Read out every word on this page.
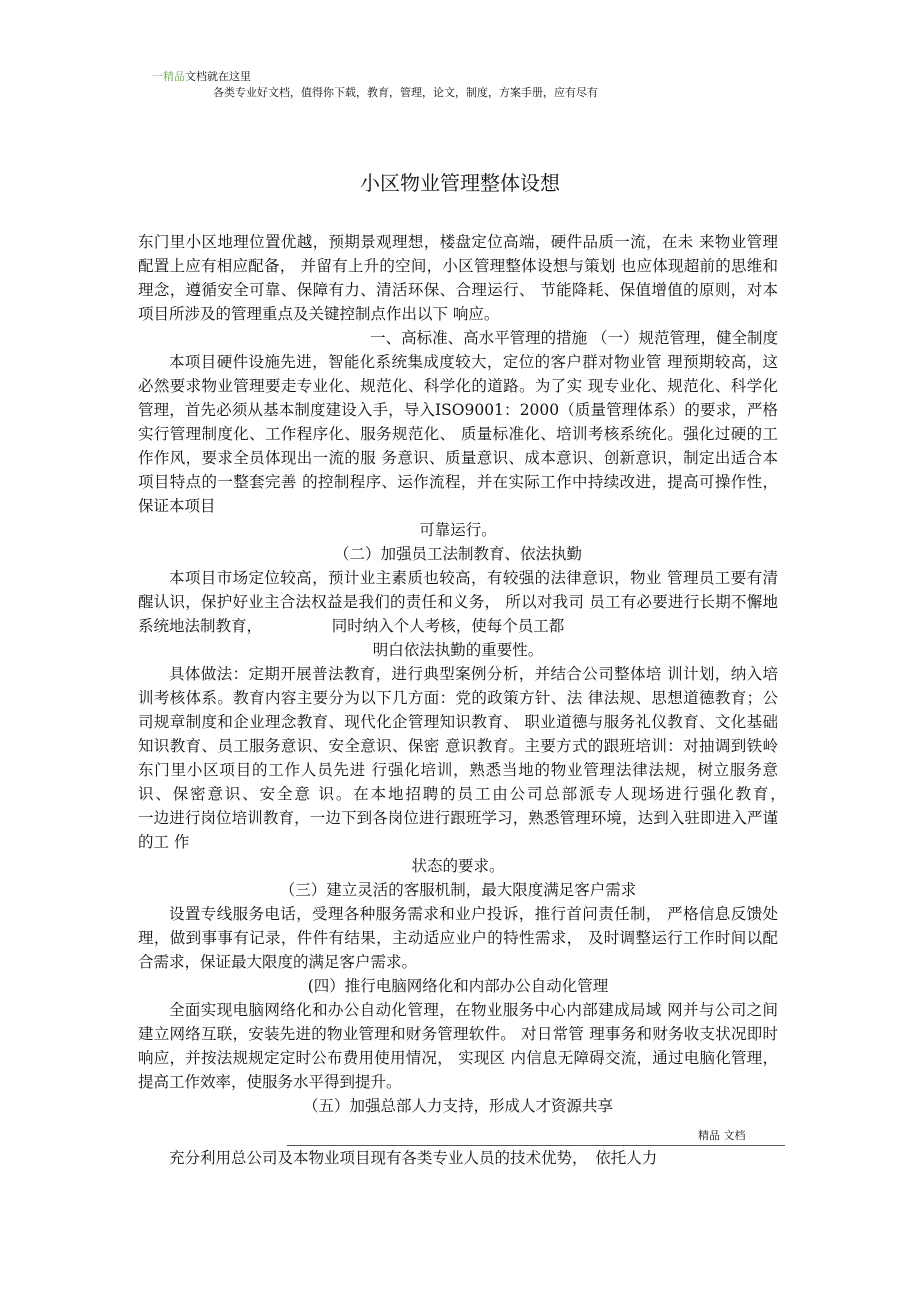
一精品文档就在这里
各类专业好文档，值得你下载，教育，管理，论文，制度，方案手册，应有尽有
小区物业管理整体设想

东门里小区地理位置优越，预期景观理想，楼盘定位高端，硬件品质一流，在未 来物业管理配置上应有相应配备， 并留有上升的空间，小区管理整体设想与策划 也应体现超前的思维和理念，遵循安全可靠、保障有力、清活环保、合理运行、 节能降耗、保值增值的原则，对本项目所涉及的管理重点及关键控制点作出以下 响应。

一、高标准、高水平管理的措施 （一）规范管理，健全制度

本项目硬件设施先进，智能化系统集成度较大，定位的客户群对物业管 理预期较高，这必然要求物业管理要走专业化、规范化、科学化的道路。为了实 现专业化、规范化、科学化管理，首先必须从基本制度建设入手，导入ISO9001：2000（质量管理体系）的要求，严格实行管理制度化、工作程序化、服务规范化、 质量标准化、培训考核系统化。强化过硬的工作作风，要求全员体现出一流的服 务意识、质量意识、成本意识、创新意识，制定出适合本项目特点的一整套完善 的控制程序、运作流程，并在实际工作中持续改进，提高可操作性，保证本项目

可靠运行。

（二）加强员工法制教育、依法执勤

本项目市场定位较高，预计业主素质也较高，有较强的法律意识，物业 管理员工要有清醒认识，保护好业主合法权益是我们的责任和义务， 所以对我司 员工有必要进行长期不懈地系统地法制教育，　　　　　同时纳入个人考核，使每个员工都

明白依法执勤的重要性。

具体做法：定期开展普法教育，进行典型案例分析，并结合公司整体培 训计划，纳入培训考核体系。教育内容主要分为以下几方面：党的政策方针、法 律法规、思想道德教育；公司规章制度和企业理念教育、现代化企管理知识教育、 职业道德与服务礼仪教育、文化基础知识教育、员工服务意识、安全意识、保密 意识教育。主要方式的跟班培训：对抽调到铁岭东门里小区项目的工作人员先进 行强化培训，熟悉当地的物业管理法律法规，树立服务意识、保密意识、安全意 识。在本地招聘的员工由公司总部派专人现场进行强化教育，　　　　　一边进行岗位培训教育，一边下到各岗位进行跟班学习，熟悉管理环境，达到入驻即进入严谨的工 作

状态的要求。

（三）建立灵活的客服机制，最大限度满足客户需求

设置专线服务电话，受理各种服务需求和业户投诉，推行首问责任制， 严格信息反馈处理，做到事事有记录，件件有结果，主动适应业户的特性需求， 及时调整运行工作时间以配合需求，保证最大限度的满足客户需求。

(四）推行电脑网络化和内部办公自动化管理

全面实现电脑网络化和办公自动化管理，在物业服务中心内部建成局域 网并与公司之间建立网络互联，安装先进的物业管理和财务管理软件。 对日常管 理事务和财务收支状况即时响应，并按法规规定定时公布费用使用情况， 实现区 内信息无障碍交流，通过电脑化管理，提高工作效率，使服务水平得到提升。

（五）加强总部人力支持，形成人才资源共享

精品 文档
充分利用总公司及本物业项目现有各类专业人员的技术优势，　依托人力
